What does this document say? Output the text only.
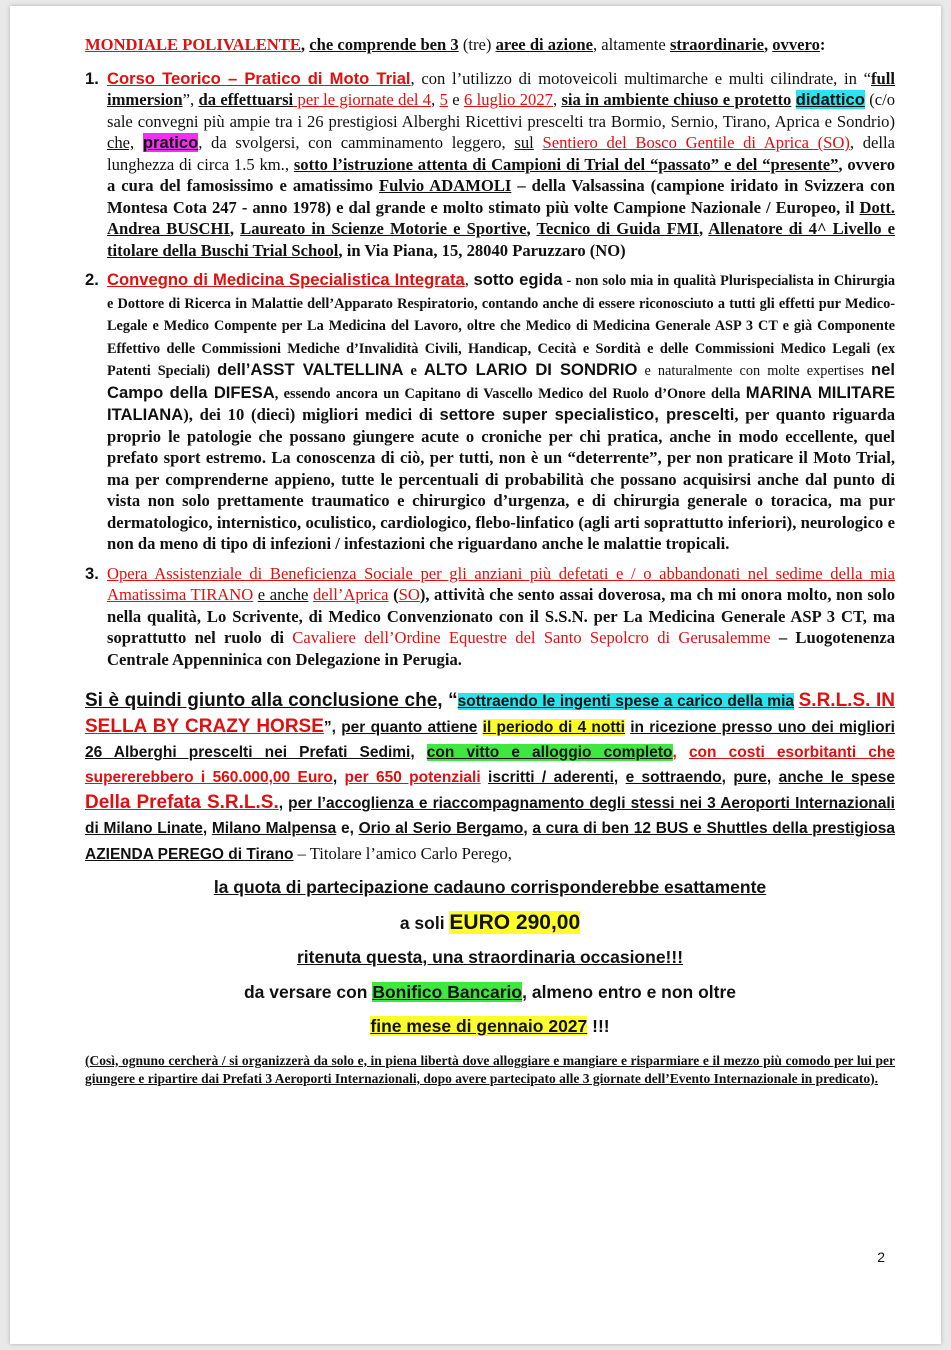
MONDIALE POLIVALENTE, che comprende ben 3 (tre) aree di azione, altamente straordinarie, ovvero:

1. Corso Teorico – Pratico di Moto Trial, con l’utilizzo di motoveicoli multimarche e multi cilindrate, in “full immersion”, da effettuarsi per le giornate del 4, 5 e 6 luglio 2027, sia in ambiente chiuso e protetto didattico (c/o sale convegni più ampie tra i 26 prestigiosi Alberghi Ricettivi prescelti tra Bormio, Sernio, Tirano, Aprica e Sondrio) che, pratico, da svolgersi, con camminamento leggero, sul Sentiero del Bosco Gentile di Aprica (SO), della lunghezza di circa 1.5 km., sotto l’istruzione attenta di Campioni di Trial del “passato” e del “presente”, ovvero a cura del famosissimo e amatissimo Fulvio ADAMOLI – della Valsassina (campione iridato in Svizzera con Montesa Cota 247 - anno 1978) e dal grande e molto stimato più volte Campione Nazionale / Europeo, il Dott. Andrea BUSCHI, Laureato in Scienze Motorie e Sportive, Tecnico di Guida FMI, Allenatore di 4^ Livello e titolare della Buschi Trial School, in Via Piana, 15, 28040 Paruzzaro (NO)
2. Convegno di Medicina Specialistica Integrata, sotto egida - non solo mia in qualità Plurispecialista in Chirurgia e Dottore di Ricerca in Malattie dell’Apparato Respiratorio, contando anche di essere riconosciuto a tutti gli effetti pur Medico-Legale e Medico Compente per La Medicina del Lavoro, oltre che Medico di Medicina Generale ASP 3 CT e già Componente Effettivo delle Commissioni Mediche d’Invalidità Civili, Handicap, Cecità e Sordità e delle Commissioni Medico Legali (ex Patenti Speciali) dell’ASST VALTELLINA e ALTO LARIO DI SONDRIO e naturalmente con molte expertises nel Campo della DIFESA, essendo ancora un Capitano di Vascello Medico del Ruolo d’Onore della MARINA MILITARE ITALIANA), dei 10 (dieci) migliori medici di settore super specialistico, prescelti, per quanto riguarda proprio le patologie che possano giungere acute o croniche per chi pratica, anche in modo eccellente, quel prefato sport estremo. La conoscenza di ciò, per tutti, non è un “deterrente”, per non praticare il Moto Trial, ma per comprenderne appieno, tutte le percentuali di probabilità che possano acquisirsi anche dal punto di vista non solo prettamente traumatico e chirurgico d’urgenza, e di chirurgia generale o toracica, ma pur dermatologico, internistico, oculistico, cardiologico, flebo-linfatico (agli arti soprattutto inferiori), neurologico e non da meno di tipo di infezioni / infestazioni che riguardano anche le malattie tropicali.
3. Opera Assistenziale di Beneficienza Sociale per gli anziani più defetati e / o abbandonati nel sedime della mia Amatissima TIRANO e anche dell’Aprica (SO), attività che sento assai doverosa, ma ch mi onora molto, non solo nella qualità, Lo Scrivente, di Medico Convenzionato con il S.S.N. per La Medicina Generale ASP 3 CT, ma soprattutto nel ruolo di Cavaliere dell’Ordine Equestre del Santo Sepolcro di Gerusalemme – Luogotenenza Centrale Appenninica con Delegazione in Perugia.

Si è quindi giunto alla conclusione che, “sottraendo le ingenti spese a carico della mia S.R.L.S. IN SELLA BY CRAZY HORSE”, per quanto attiene il periodo di 4 notti in ricezione presso uno dei migliori 26 Alberghi prescelti nei Prefati Sedimi, con vitto e alloggio completo, con costi esorbitanti che supererebbero i 560.000,00 Euro, per 650 potenziali iscritti / aderenti, e sottraendo, pure, anche le spese Della Prefata S.R.L.S., per l’accoglienza e riaccompagnamento degli stessi nei 3 Aeroporti Internazionali di Milano Linate, Milano Malpensa e, Orio al Serio Bergamo, a cura di ben 12 BUS e Shuttles della prestigiosa AZIENDA PEREGO di Tirano – Titolare l’amico Carlo Perego,

la quota di partecipazione cadauno corrisponderebbe esattamente

a soli EURO 290,00

ritenuta questa, una straordinaria occasione!!!

da versare con Bonifico Bancario, almeno entro e non oltre

fine mese di gennaio 2027 !!!

(Così, ognuno cercherà / si organizzerà da solo e, in piena libertà dove alloggiare e mangiare e risparmiare e il mezzo più comodo per lui per giungere e ripartire dai Prefati 3 Aeroporti Internazionali, dopo avere partecipato alle 3 giornate dell’Evento Internazionale in predicato).

2
